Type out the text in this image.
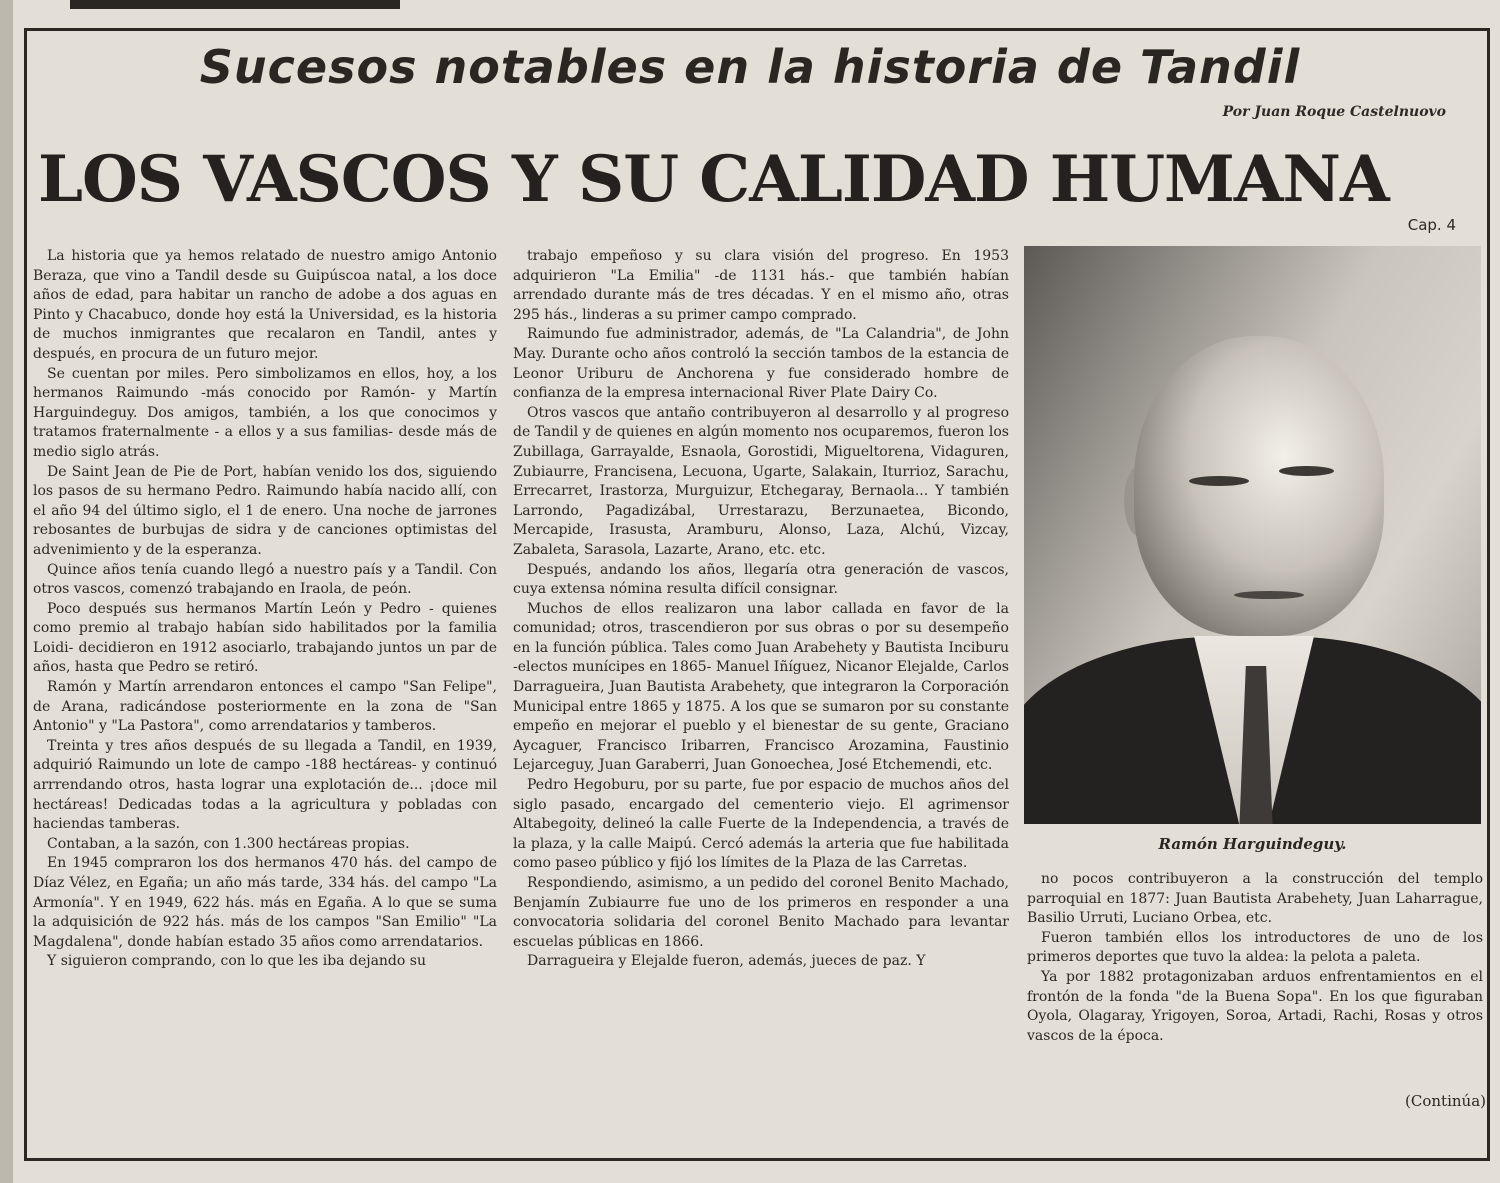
Sucesos notables en la historia de Tandil
Por Juan Roque Castelnuovo
LOS VASCOS Y SU CALIDAD HUMANA
Cap. 4

La historia que ya hemos relatado de nuestro amigo Antonio Beraza, que vino a Tandil desde su Guipúscoa natal, a los doce años de edad, para habitar un rancho de adobe a dos aguas en Pinto y Chacabuco, donde hoy está la Universidad, es la historia de muchos inmigrantes que recalaron en Tandil, antes y después, en procura de un futuro mejor.

Se cuentan por miles. Pero simbolizamos en ellos, hoy, a los hermanos Raimundo -más conocido por Ramón- y Martín Harguindeguy. Dos amigos, también, a los que conocimos y tratamos fraternalmente - a ellos y a sus familias- desde más de medio siglo atrás.

De Saint Jean de Pie de Port, habían venido los dos, siguiendo los pasos de su hermano Pedro. Raimundo había nacido allí, con el año 94 del último siglo, el 1 de enero. Una noche de jarrones rebosantes de burbujas de sidra y de canciones optimistas del advenimiento y de la esperanza.

Quince años tenía cuando llegó a nuestro país y a Tandil. Con otros vascos, comenzó trabajando en Iraola, de peón.

Poco después sus hermanos Martín León y Pedro - quienes como premio al trabajo habían sido habilitados por la familia Loidi- decidieron en 1912 asociarlo, trabajando juntos un par de años, hasta que Pedro se retiró.

Ramón y Martín arrendaron entonces el campo "San Felipe", de Arana, radicándose posteriormente en la zona de "San Antonio" y "La Pastora", como arrendatarios y tamberos.

Treinta y tres años después de su llegada a Tandil, en 1939, adquirió Raimundo un lote de campo -188 hectáreas- y continuó arrrendando otros, hasta lograr una explotación de... ¡doce mil hectáreas! Dedicadas todas a la agricultura y pobladas con haciendas tamberas.

Contaban, a la sazón, con 1.300 hectáreas propias.

En 1945 compraron los dos hermanos 470 hás. del campo de Díaz Vélez, en Egaña; un año más tarde, 334 hás. del campo "La Armonía". Y en 1949, 622 hás. más en Egaña. A lo que se suma la adquisición de 922 hás. más de los campos "San Emilio" "La Magdalena", donde habían estado 35 años como arrendatarios.

Y siguieron comprando, con lo que les iba dejando su

trabajo empeñoso y su clara visión del progreso. En 1953 adquirieron "La Emilia" -de 1131 hás.- que también habían arrendado durante más de tres décadas. Y en el mismo año, otras 295 hás., linderas a su primer campo comprado.

Raimundo fue administrador, además, de "La Calandria", de John May. Durante ocho años controló la sección tambos de la estancia de Leonor Uriburu de Anchorena y fue considerado hombre de confianza de la empresa internacional River Plate Dairy Co.

Otros vascos que antaño contribuyeron al desarrollo y al progreso de Tandil y de quienes en algún momento nos ocuparemos, fueron los Zubillaga, Garrayalde, Esnaola, Gorostidi, Migueltorena, Vidaguren, Zubiaurre, Francisena, Lecuona, Ugarte, Salakain, Iturrioz, Sarachu, Errecarret, Irastorza, Murguizur, Etchegaray, Bernaola... Y también Larrondo, Pagadizábal, Urrestarazu, Berzunaetea, Bicondo, Mercapide, Irasusta, Aramburu, Alonso, Laza, Alchú, Vizcay, Zabaleta, Sarasola, Lazarte, Arano, etc. etc.

Después, andando los años, llegaría otra generación de vascos, cuya extensa nómina resulta difícil consignar.

Muchos de ellos realizaron una labor callada en favor de la comunidad; otros, trascendieron por sus obras o por su desempeño en la función pública. Tales como Juan Arabehety y Bautista Inciburu -electos munícipes en 1865- Manuel Iñíguez, Nicanor Elejalde, Carlos Darragueira, Juan Bautista Arabehety, que integraron la Corporación Municipal entre 1865 y 1875. A los que se sumaron por su constante empeño en mejorar el pueblo y el bienestar de su gente, Graciano Aycaguer, Francisco Iribarren, Francisco Arozamina, Faustinio Lejarceguy, Juan Garaberri, Juan Gonoechea, José Etchemendi, etc.

Pedro Hegoburu, por su parte, fue por espacio de muchos años del siglo pasado, encargado del cementerio viejo. El agrimensor Altabegoity, delineó la calle Fuerte de la Independencia, a través de la plaza, y la calle Maipú. Cercó además la arteria que fue habilitada como paseo público y fijó los límites de la Plaza de las Carretas.

Respondiendo, asimismo, a un pedido del coronel Benito Machado, Benjamín Zubiaurre fue uno de los primeros en responder a una convocatoria solidaria del coronel Benito Machado para levantar escuelas públicas en 1866.

Darragueira y Elejalde fueron, además, jueces de paz. Y

Ramón Harguindeguy.

no pocos contribuyeron a la construcción del templo parroquial en 1877: Juan Bautista Arabehety, Juan Laharrague, Basilio Urruti, Luciano Orbea, etc.

Fueron también ellos los introductores de uno de los primeros deportes que tuvo la aldea: la pelota a paleta.

Ya por 1882 protagonizaban arduos enfrentamientos en el frontón de la fonda "de la Buena Sopa". En los que figuraban Oyola, Olagaray, Yrigoyen, Soroa, Artadi, Rachi, Rosas y otros vascos de la época.

(Continúa)
